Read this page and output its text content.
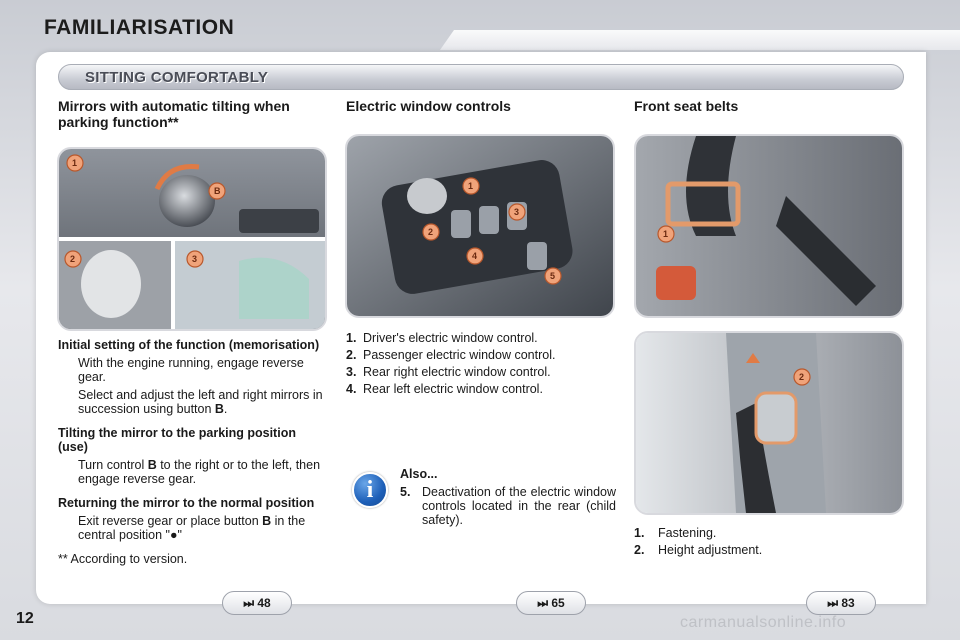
FAMILIARISATION
SITTING COMFORTABLY
Mirrors with automatic tilting when parking function**
1
B
2	3
Initial setting of the function (memorisation)
With the engine running, engage reverse gear.
Select and adjust the left and right mirrors in succession using button B.
Tilting the mirror to the parking position (use)
Turn control B to the right or to the left, then engage reverse gear.
Returning the mirror to the normal position
Exit reverse gear or place button B in the central position "●"
** According to version.
Electric window controls
1
2
3
4
5
1. Driver's electric window control.
2. Passenger electric window control.
3. Rear right electric window control.
4. Rear left electric window control.
i
Also...
5. Deactivation of the electric window controls located in the rear (child safety).
Front seat belts
1
2
1. Fastening.
2. Height adjustment.
⏭ 48	⏭ 65	⏭ 83
12	carmanualsonline.info
